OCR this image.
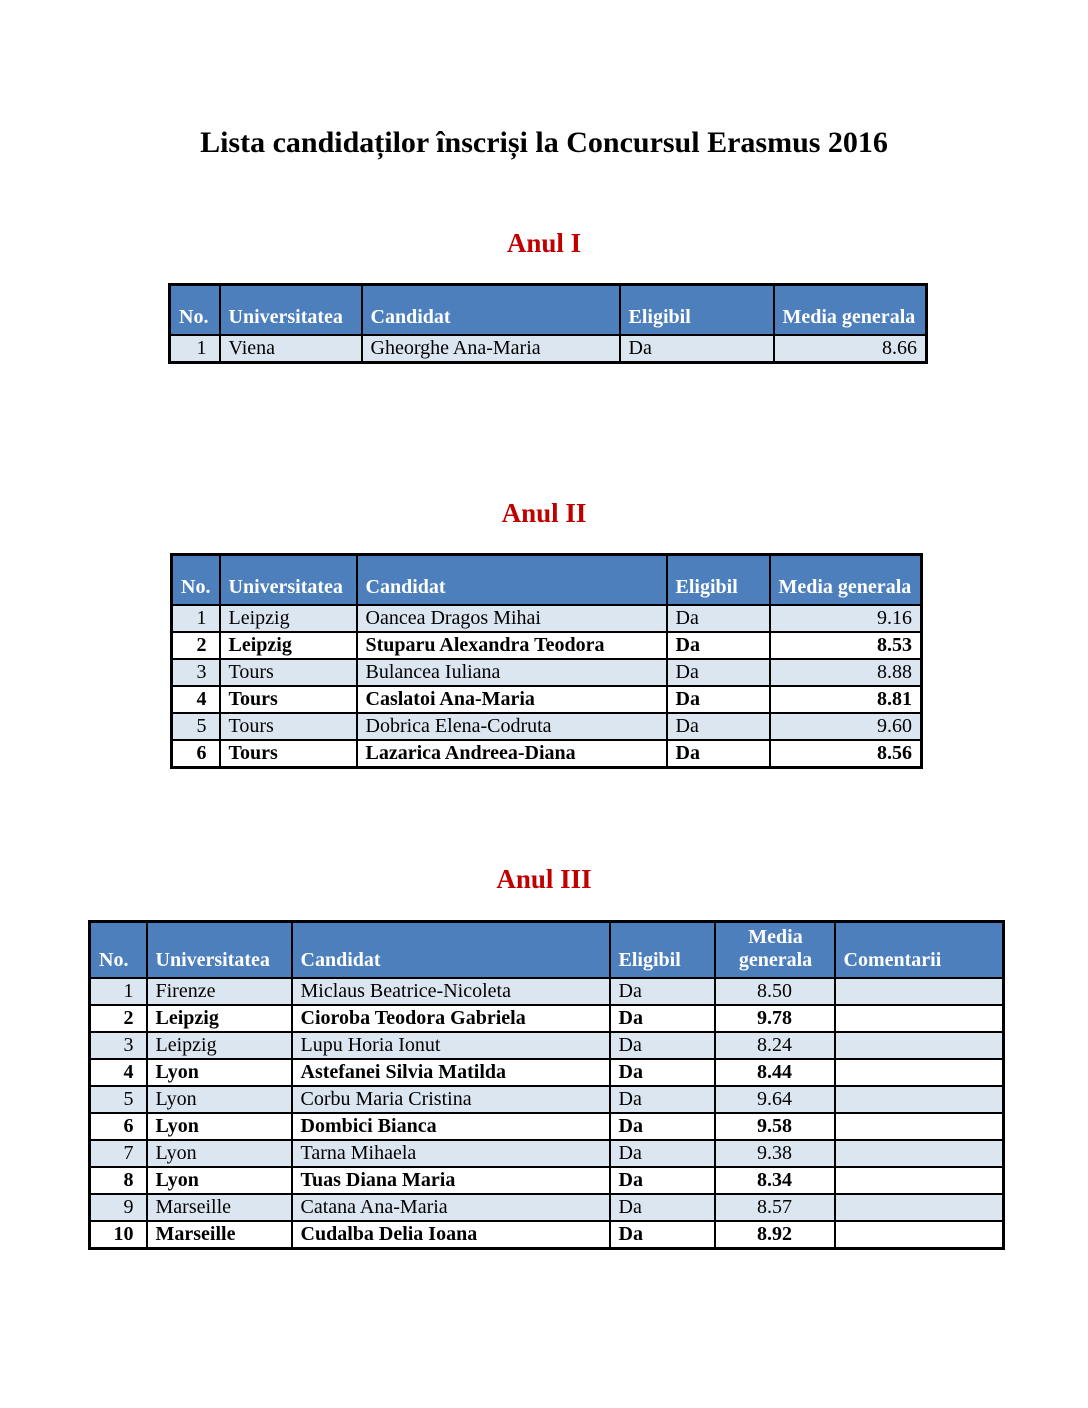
Lista candidaților înscriși la Concursul Erasmus 2016
Anul I
No.	Universitatea	Candidat	Eligibil	Media generala
1	Viena	Gheorghe Ana-Maria	Da	8.66
Anul II
No.	Universitatea	Candidat	Eligibil	Media generala
1	Leipzig	Oancea Dragos Mihai	Da	9.16
2	Leipzig	Stuparu Alexandra Teodora	Da	8.53
3	Tours	Bulancea Iuliana	Da	8.88
4	Tours	Caslatoi Ana-Maria	Da	8.81
5	Tours	Dobrica Elena-Codruta	Da	9.60
6	Tours	Lazarica Andreea-Diana	Da	8.56
Anul III
No.	Universitatea	Candidat	Eligibil	Media generala	Comentarii
1	Firenze	Miclaus Beatrice-Nicoleta	Da	8.50	
2	Leipzig	Cioroba Teodora Gabriela	Da	9.78	
3	Leipzig	Lupu Horia Ionut	Da	8.24	
4	Lyon	Astefanei Silvia Matilda	Da	8.44	
5	Lyon	Corbu Maria Cristina	Da	9.64	
6	Lyon	Dombici Bianca	Da	9.58	
7	Lyon	Tarna Mihaela	Da	9.38	
8	Lyon	Tuas Diana Maria	Da	8.34	
9	Marseille	Catana Ana-Maria	Da	8.57	
10	Marseille	Cudalba Delia Ioana	Da	8.92	
